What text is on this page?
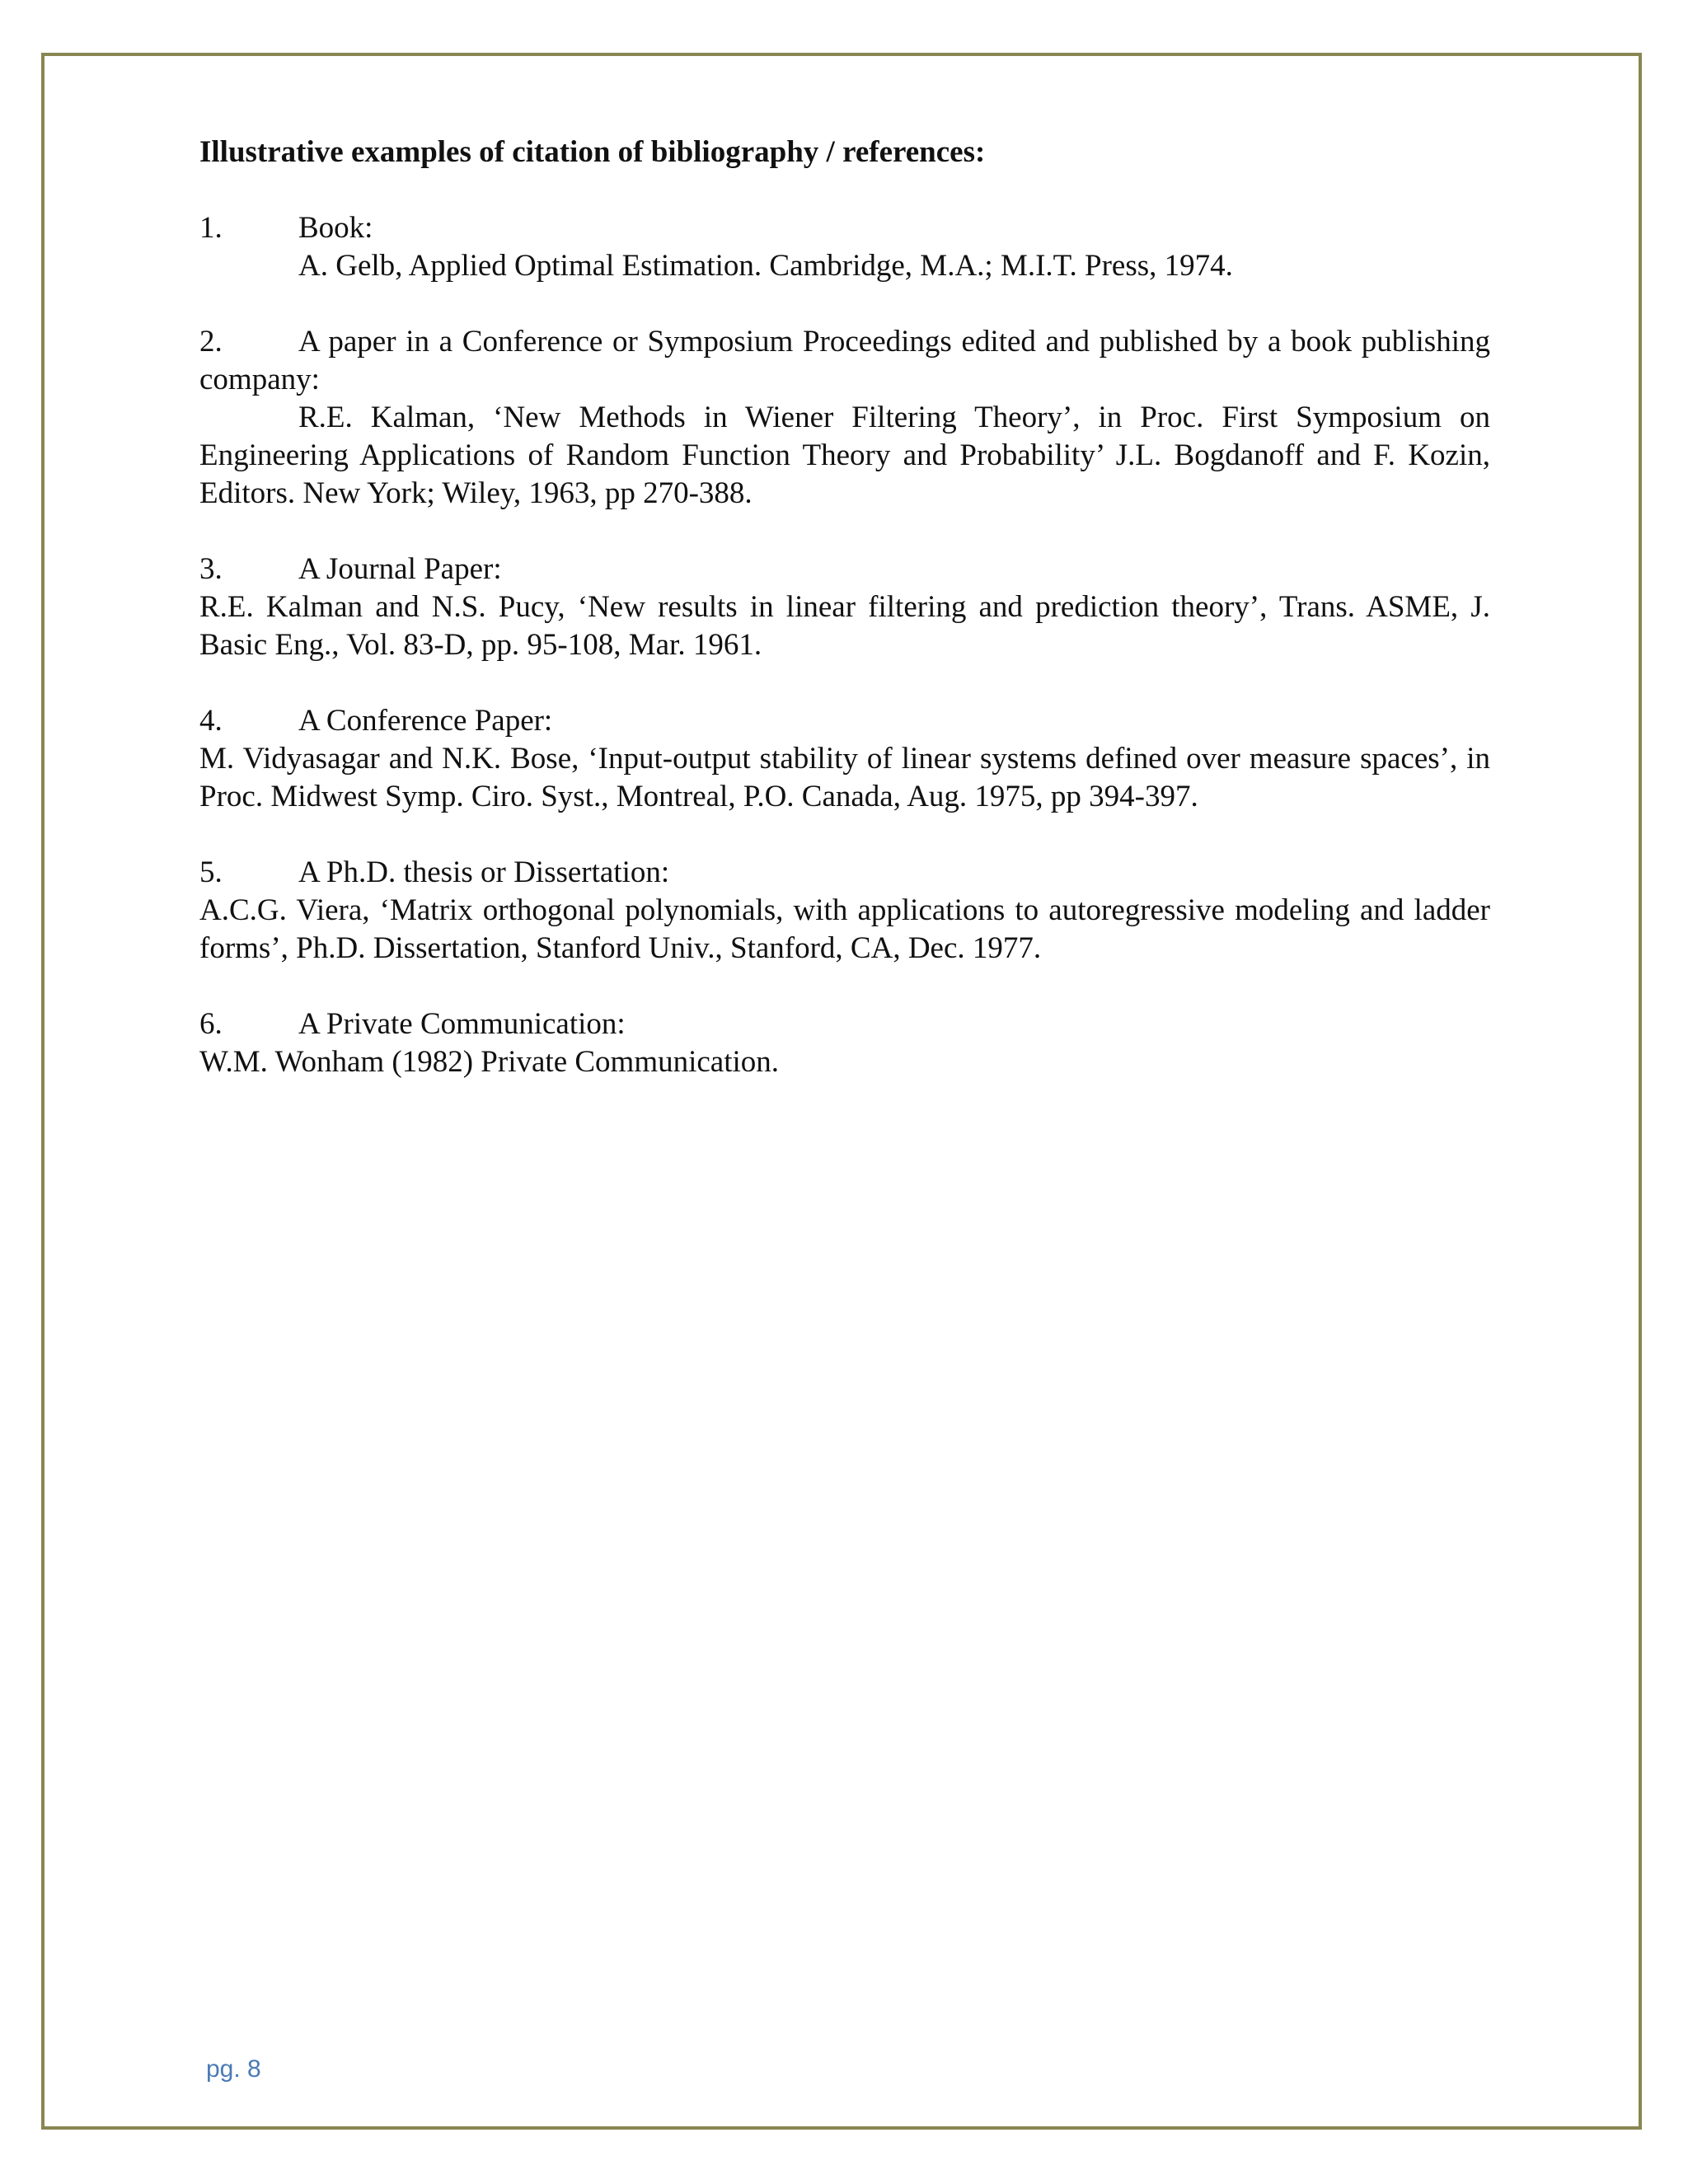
Illustrative examples of citation of bibliography / references:
1.	Book:
A. Gelb, Applied Optimal Estimation. Cambridge, M.A.; M.I.T. Press, 1974.
2. A paper in a Conference or Symposium Proceedings edited and published by a book publishing company:
R.E. Kalman, ‘New Methods in Wiener Filtering Theory’, in Proc. First Symposium on Engineering Applications of Random Function Theory and Probability’ J.L. Bogdanoff and F. Kozin, Editors. New York; Wiley, 1963, pp 270-388.
3.	A Journal Paper:
R.E. Kalman and N.S. Pucy, ‘New results in linear filtering and prediction theory’, Trans. ASME, J. Basic Eng., Vol. 83-D, pp. 95-108, Mar. 1961.
4.	A Conference Paper:
M. Vidyasagar and N.K. Bose, ‘Input-output stability of linear systems defined over measure spaces’, in Proc. Midwest Symp. Ciro. Syst., Montreal, P.O. Canada, Aug. 1975, pp 394-397.
5.	A Ph.D. thesis or Dissertation:
A.C.G. Viera, ‘Matrix orthogonal polynomials, with applications to autoregressive modeling and ladder forms’, Ph.D. Dissertation, Stanford Univ., Stanford, CA, Dec. 1977.
6.	A Private Communication:
W.M. Wonham (1982) Private Communication.
pg. 8
